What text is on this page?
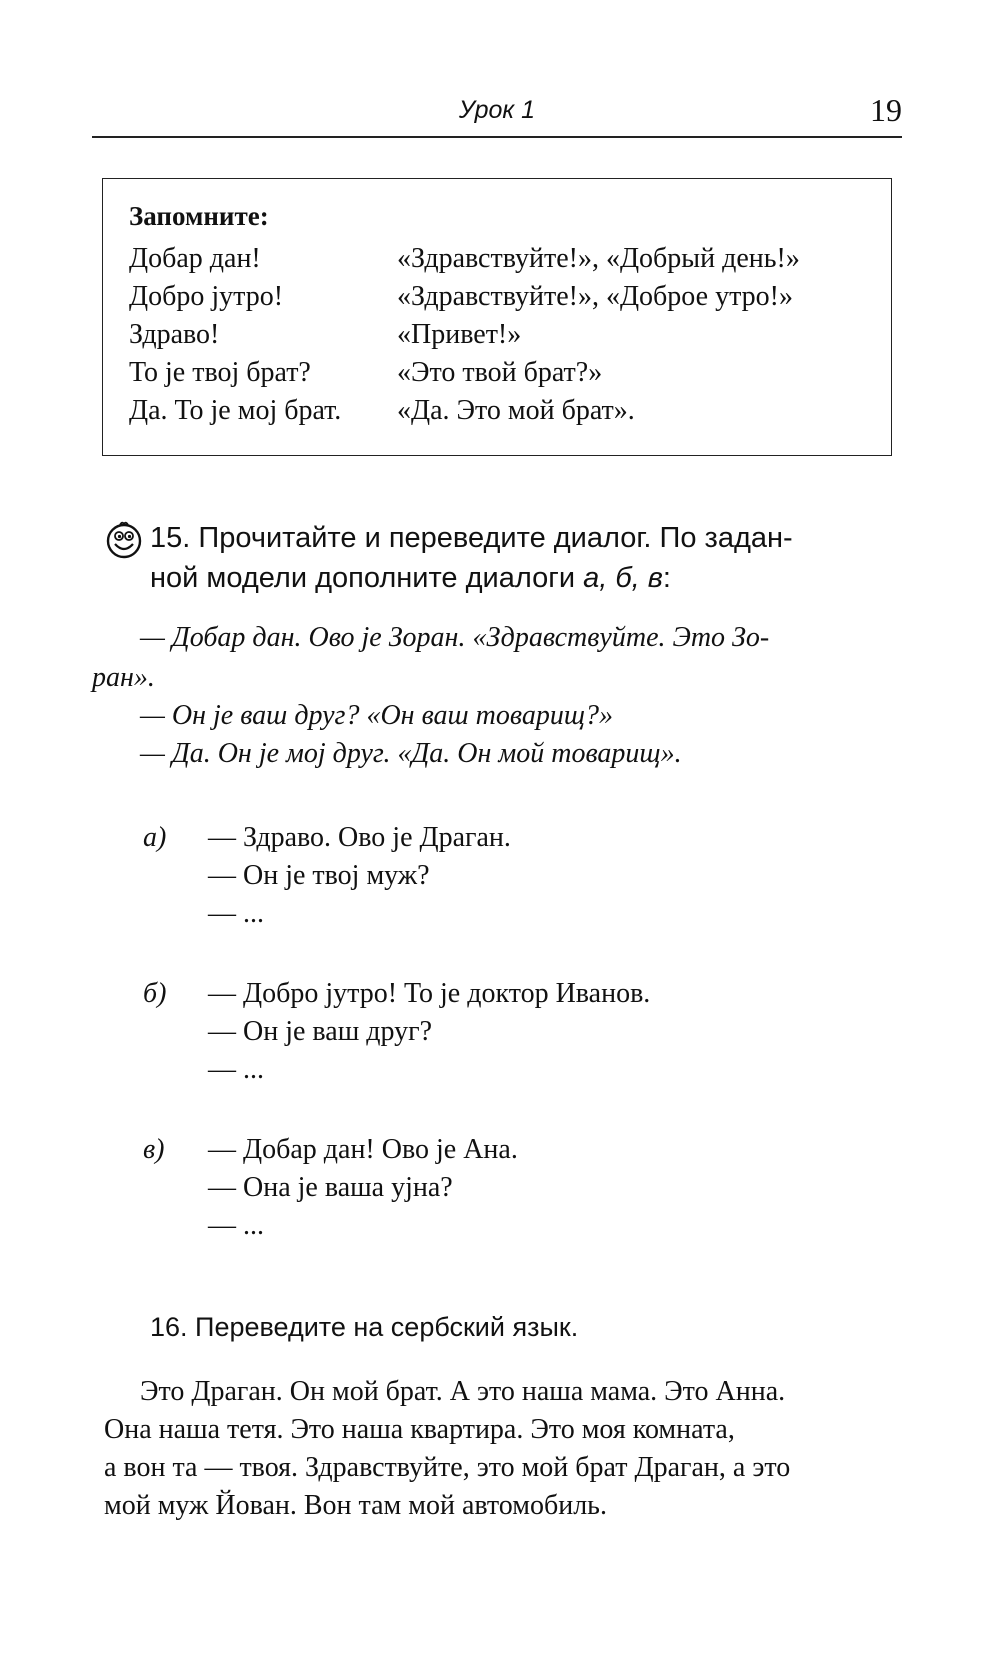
Урок 1	19
Запомните:
Добар дан!	«Здравствуйте!», «Добрый день!»
Добро јутро!	«Здравствуйте!», «Доброе утро!»
Здраво!	«Привет!»
То је твој брат?	«Это твой брат?»
Да. То је мој брат. «Да. Это мой брат».
15. Прочитайте и переведите диалог. По задан-
ной модели дополните диалоги а, б, в:
— Добар дан. Ово је Зоран. «Здравствуйте. Это Зо-
ран».
— Он је ваш друг? «Он ваш товарищ?»
— Да. Он је мој друг. «Да. Он мой товарищ».
а) — Здраво. Ово је Драган.
— Он је твој муж?
— ...
б) — Добро јутро! То је доктор Иванов.
— Он је ваш друг?
— ...
в) — Добар дан! Ово је Ана.
— Она је ваша ујна?
— ...
16. Переведите на сербский язык.
Это Драган. Он мой брат. А это наша мама. Это Анна.
Она наша тетя. Это наша квартира. Это моя комната,
а вон та — твоя. Здравствуйте, это мой брат Драган, а это
мой муж Йован. Вон там мой автомобиль.
